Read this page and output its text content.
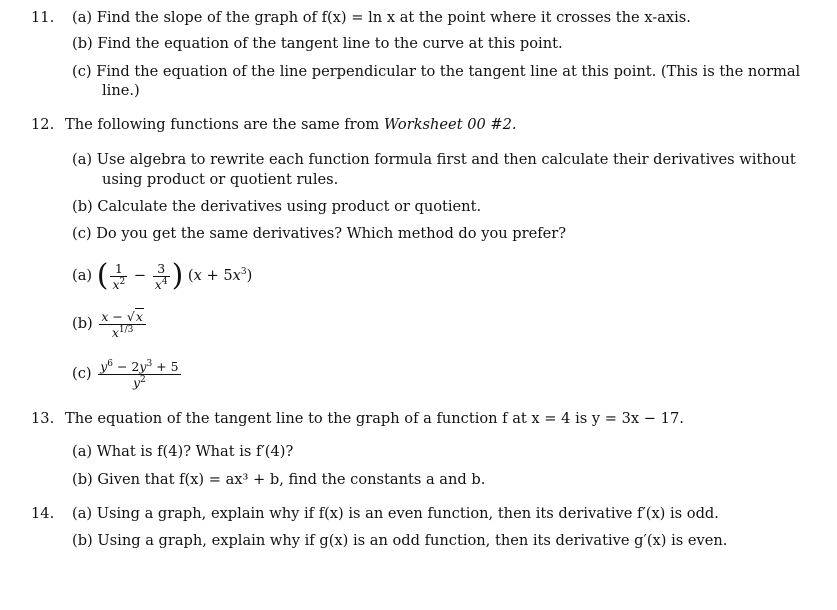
11. (a) Find the slope of the graph of f(x) = ln x at the point where it crosses the x-axis.
(b) Find the equation of the tangent line to the curve at this point.
(c) Find the equation of the line perpendicular to the tangent line at this point. (This is the normal
line.)
12. The following functions are the same from Worksheet 00 #2.
(a) Use algebra to rewrite each function formula first and then calculate their derivatives without
using product or quotient rules.
(b) Calculate the derivatives using product or quotient.
(c) Do you get the same derivatives? Which method do you prefer?
(a) ( $\frac{1}{x^2} - \frac{3}{x^4}$ ) $(x + 5x^3)$
$(b) \frac{x - √x}{x^{1/3}}$
$(c) \frac{y^6 - 2y^3 + 5}{y^2}$
13. The equation of the tangent line to the graph of a function f at x = 4 is y = 3x − 17.
(a) What is f(4)? What is f′(4)?
(b) Given that f(x) = ax³ + b, find the constants a and b.
14. (a) Using a graph, explain why if f(x) is an even function, then its derivative f′(x) is odd.
(b) Using a graph, explain why if g(x) is an odd function, then its derivative g′(x) is even.
